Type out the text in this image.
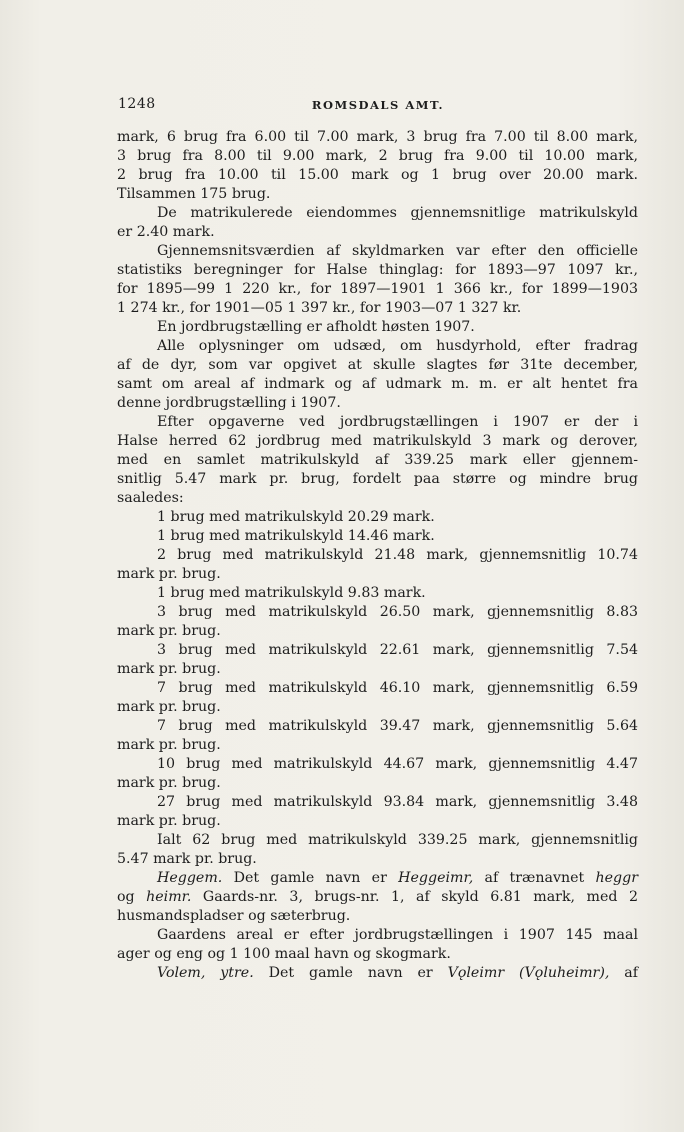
1248	ROMSDALS AMT.
mark, 6 brug fra 6.00 til 7.00 mark, 3 brug fra 7.00 til 8.00 mark,
3 brug fra 8.00 til 9.00 mark, 2 brug fra 9.00 til 10.00 mark,
2 brug fra 10.00 til 15.00 mark og 1 brug over 20.00 mark.
Tilsammen 175 brug.
De matrikulerede eiendommes gjennemsnitlige matrikulskyld
er 2.40 mark.
Gjennemsnitsværdien af skyldmarken var efter den officielle
statistiks beregninger for Halse thinglag: for 1893—97 1097 kr.,
for 1895—99 1 220 kr., for 1897—1901 1 366 kr., for 1899—1903
1 274 kr., for 1901—05 1 397 kr., for 1903—07 1 327 kr.
En jordbrugstælling er afholdt høsten 1907.
Alle oplysninger om udsæd, om husdyrhold, efter fradrag
af de dyr, som var opgivet at skulle slagtes før 31te december,
samt om areal af indmark og af udmark m. m. er alt hentet fra
denne jordbrugstælling i 1907.
Efter opgaverne ved jordbrugstællingen i 1907 er der i
Halse herred 62 jordbrug med matrikulskyld 3 mark og derover,
med en samlet matrikulskyld af 339.25 mark eller gjennem-
snitlig 5.47 mark pr. brug, fordelt paa større og mindre brug
saaledes:
1 brug med matrikulskyld 20.29 mark.
1 brug med matrikulskyld 14.46 mark.
2 brug med matrikulskyld 21.48 mark, gjennemsnitlig 10.74
mark pr. brug.
1 brug med matrikulskyld 9.83 mark.
3 brug med matrikulskyld 26.50 mark, gjennemsnitlig 8.83
mark pr. brug.
3 brug med matrikulskyld 22.61 mark, gjennemsnitlig 7.54
mark pr. brug.
7 brug med matrikulskyld 46.10 mark, gjennemsnitlig 6.59
mark pr. brug.
7 brug med matrikulskyld 39.47 mark, gjennemsnitlig 5.64
mark pr. brug.
10 brug med matrikulskyld 44.67 mark, gjennemsnitlig 4.47
mark pr. brug.
27 brug med matrikulskyld 93.84 mark, gjennemsnitlig 3.48
mark pr. brug.
Ialt 62 brug med matrikulskyld 339.25 mark, gjennemsnitlig
5.47 mark pr. brug.
Heggem. Det gamle navn er Heggeimr, af trænavnet heggr
og heimr. Gaards-nr. 3, brugs-nr. 1, af skyld 6.81 mark, med 2
husmandspladser og sæterbrug.
Gaardens areal er efter jordbrugstællingen i 1907 145 maal
ager og eng og 1 100 maal havn og skogmark.
Volem, ytre. Det gamle navn er Vǫleimr (Vǫluheimr), af
